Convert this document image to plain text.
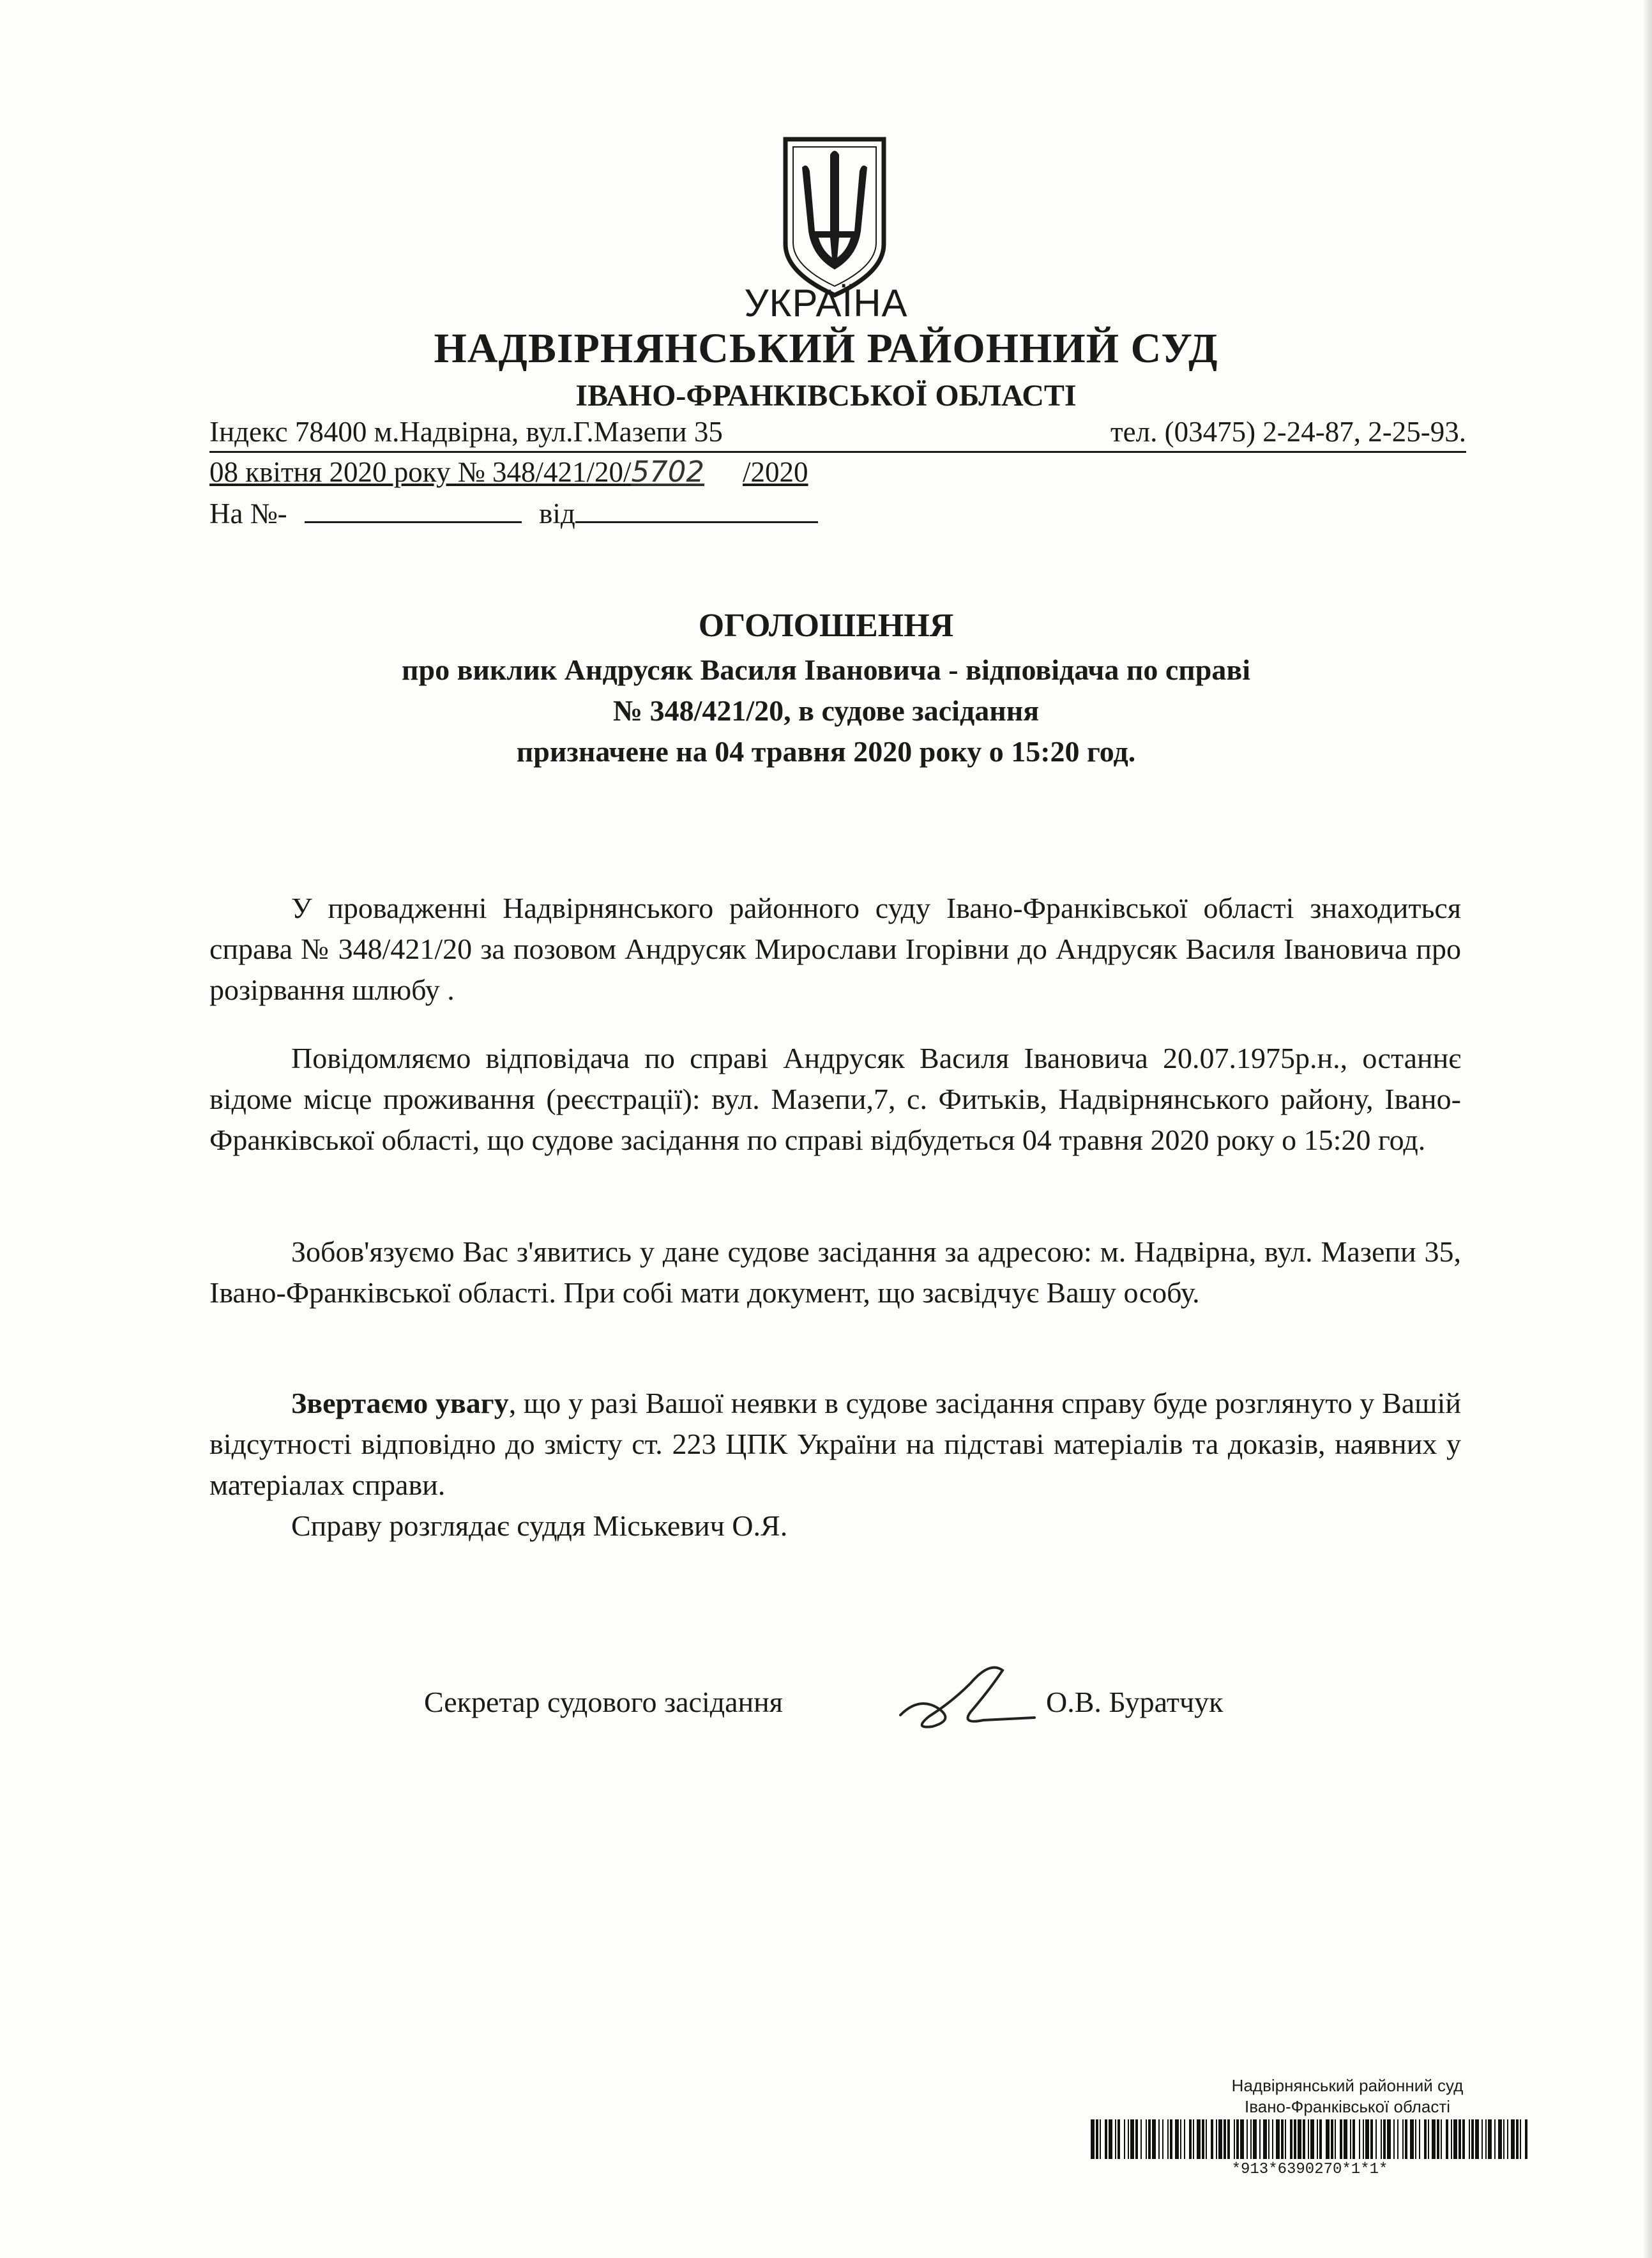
УКРАЇНА
НАДВІРНЯНСЬКИЙ РАЙОННИЙ СУД
ІВАНО-ФРАНКІВСЬКОЇ ОБЛАСТІ
Індекс 78400 м.Надвірна, вул.Г.Мазепи 35	тел. (03475) 2-24-87, 2-25-93.
08 квітня 2020 року № 348/421/20/5702 /2020
На №-	від
ОГОЛОШЕННЯ
про виклик Андрусяк Василя Івановича - відповідача по справі
№ 348/421/20, в судове засідання
призначене на 04 травня 2020 року о 15:20 год.

У провадженні Надвірнянського районного суду Івано-Франківської області знаходиться справа № 348/421/20 за позовом Андрусяк Мирослави Ігорівни до Андрусяк Василя Івановича про розірвання шлюбу .

Повідомляємо відповідача по справі Андрусяк Василя Івановича 20.07.1975р.н., останнє відоме місце проживання (реєстрації): вул. Мазепи,7, с. Фитьків, Надвірнянського району, Івано-Франківської області, що судове засідання по справі відбудеться 04 травня 2020 року о 15:20 год.

Зобов'язуємо Вас з'явитись у дане судове засідання за адресою: м. Надвірна, вул. Мазепи 35, Івано-Франківської області. При собі мати документ, що засвідчує Вашу особу.

Звертаємо увагу, що у разі Вашої неявки в судове засідання справу буде розглянуто у Вашій відсутності відповідно до змісту ст. 223 ЦПК України на підставі матеріалів та доказів, наявних у матеріалах справи.

Справу розглядає суддя Міськевич О.Я.

Секретар судового засідання	О.В. Буратчук
Надвірнянський районний суд
Івано-Франківської області
*913*6390270*1*1*
